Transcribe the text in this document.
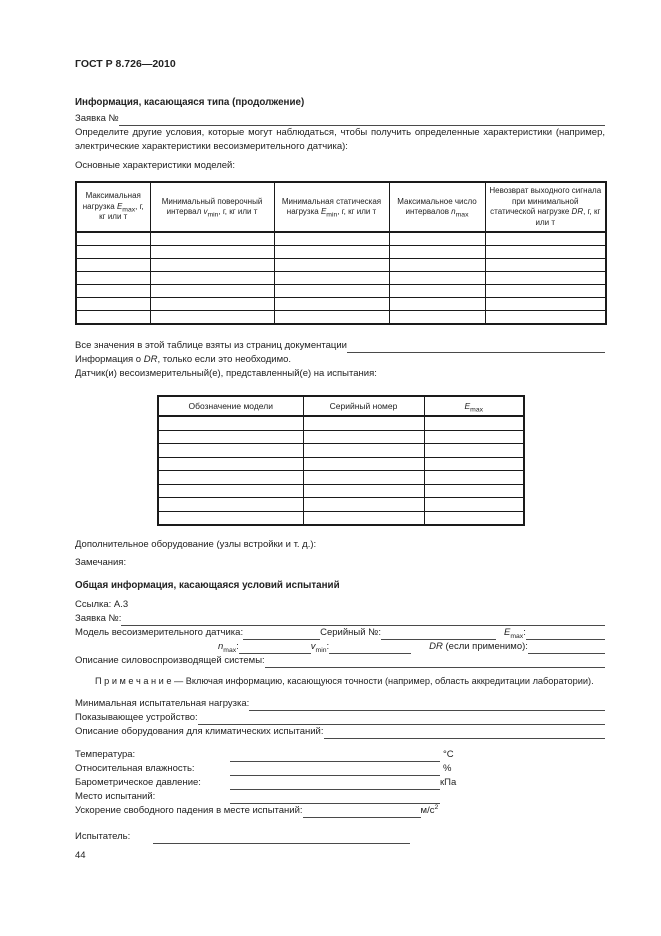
ГОСТ Р 8.726—2010
Информация, касающаяся типа (продолжение)
Заявка №

Определите другие условия, которые могут наблюдаться, чтобы получить определенные характеристики (например, электрические характеристики весоизмерительного датчика):

Основные характеристики моделей:
Максимальная нагрузка $E_{max}$, г, кг или т	Минимальный поверочный интервал $v_{min}$, г, кг или т	Минимальная статическая нагрузка $E_{min}$, г, кг или т	Максимальное число интервалов $n_{max}$	Невозврат выходного сигнала при минимальной статической нагрузке DR, г, кг или т

Все значения в этой таблице взяты из страниц документации
Информация о DR, только если это необходимо.
Датчик(и) весоизмерительный(е), представленный(е) на испытания:
Обозначение модели	Серийный номер	$E_{max}$

Дополнительное оборудование (узлы встройки и т. д.):
Замечания:
Общая информация, касающаяся условий испытаний
Ссылка: А.3
Заявка №:
Модель весоизмерительного датчика:	Серийный №:	$E_{max}$:
$n_{max}$:	$v_{min}$:	DR (если применимо):
Описание силовоспроизводящей системы:

П р и м е ч а н и е — Включая информацию, касающуюся точности (например, область аккредитации лаборатории).

Минимальная испытательная нагрузка:
Показывающее устройство:
Описание оборудования для климатических испытаний:
Температура:	°С
Относительная влажность:	%
Барометрическое давление:	кПа
Место испытаний:
Ускорение свободного падения в месте испытаний:	$м/с^2$
Испытатель:
44
